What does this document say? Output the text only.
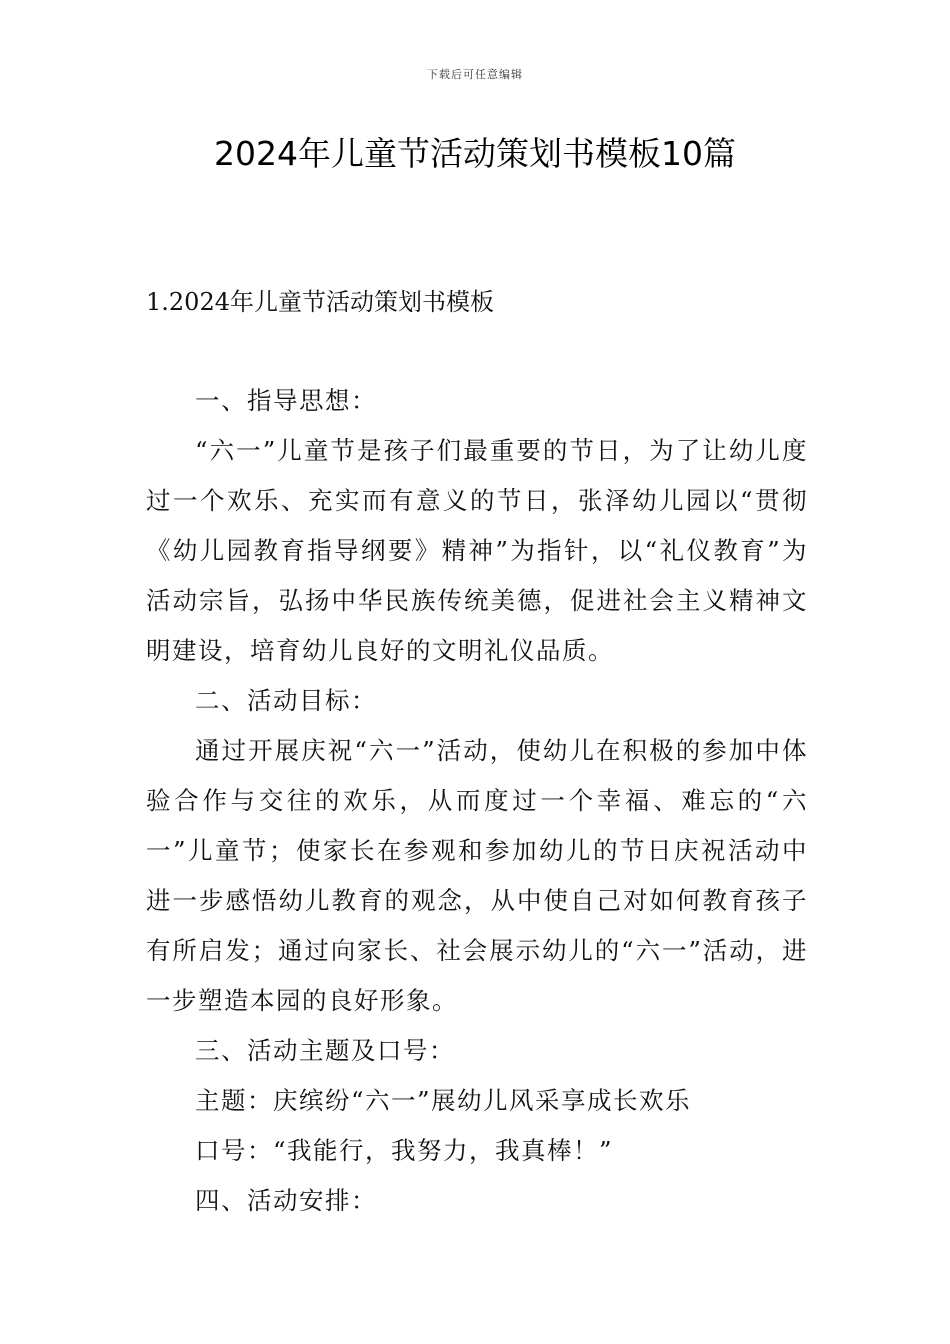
下载后可任意编辑
2024年儿童节活动策划书模板10篇
1.2024年儿童节活动策划书模板

一、指导思想：

“六一”儿童节是孩子们最重要的节日，为了让幼儿度过一个欢乐、充实而有意义的节日，张泽幼儿园以“贯彻《幼儿园教育指导纲要》精神”为指针，以“礼仪教育”为活动宗旨，弘扬中华民族传统美德，促进社会主义精神文明建设，培育幼儿良好的文明礼仪品质。

二、活动目标：

通过开展庆祝“六一”活动，使幼儿在积极的参加中体验合作与交往的欢乐，从而度过一个幸福、难忘的“六一”儿童节；使家长在参观和参加幼儿的节日庆祝活动中进一步感悟幼儿教育的观念，从中使自己对如何教育孩子有所启发；通过向家长、社会展示幼儿的“六一”活动，进一步塑造本园的良好形象。

三、活动主题及口号：

主题：庆缤纷“六一”展幼儿风采享成长欢乐

口号：“我能行，我努力，我真棒！”

四、活动安排：
